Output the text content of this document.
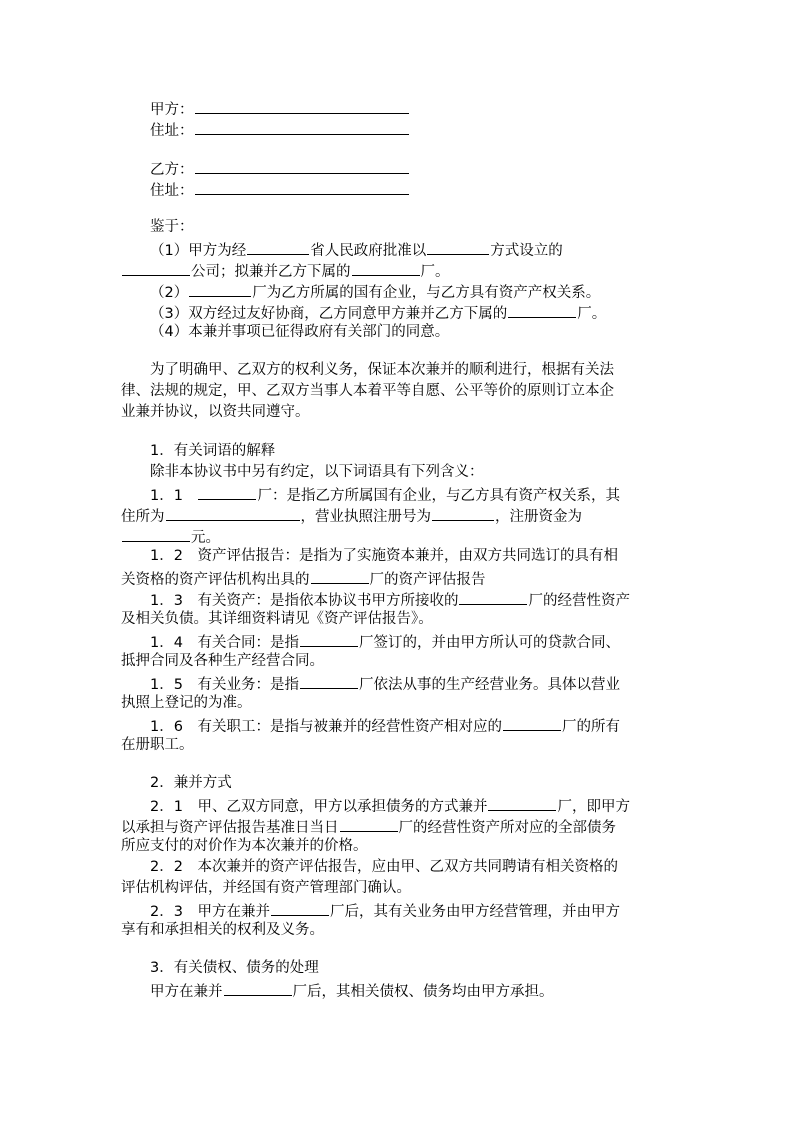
甲方：
住址：
乙方：
住址：
鉴于：
（1）甲方为经	省人民政府批准以	方式设立的
公司；拟兼并乙方下属的	厂。
（2）	厂为乙方所属的国有企业，与乙方具有资产产权关系。
（3）双方经过友好协商，乙方同意甲方兼并乙方下属的	厂。
（4）本兼并事项已征得政府有关部门的同意。
为了明确甲、乙双方的权利义务，保证本次兼并的顺利进行，根据有关法
律、法规的规定，甲、乙双方当事人本着平等自愿、公平等价的原则订立本企
业兼并协议，以资共同遵守。
1．有关词语的解释
除非本协议书中另有约定，以下词语具有下列含义：
1．1　	厂：是指乙方所属国有企业，与乙方具有资产权关系，其
住所为	，营业执照注册号为	，注册资金为
元。
1．2　资产评估报告：是指为了实施资本兼并，由双方共同选订的具有相
关资格的资产评估机构出具的	厂的资产评估报告
1．3　有关资产：是指依本协议书甲方所接收的	厂的经营性资产
及相关负债。其详细资料请见《资产评估报告》。
1．4　有关合同：是指	厂签订的，并由甲方所认可的贷款合同、
抵押合同及各种生产经营合同。
1．5　有关业务：是指	厂依法从事的生产经营业务。具体以营业
执照上登记的为准。
1．6　有关职工：是指与被兼并的经营性资产相对应的	厂的所有
在册职工。
2．兼并方式
2．1　甲、乙双方同意，甲方以承担债务的方式兼并	厂，即甲方
以承担与资产评估报告基准日当日	厂的经营性资产所对应的全部债务
所应支付的对价作为本次兼并的价格。
2．2　本次兼并的资产评估报告，应由甲、乙双方共同聘请有相关资格的
评估机构评估，并经国有资产管理部门确认。
2．3　甲方在兼并	厂后，其有关业务由甲方经营管理，并由甲方
享有和承担相关的权利及义务。
3．有关债权、债务的处理
甲方在兼并	厂后，其相关债权、债务均由甲方承担。
